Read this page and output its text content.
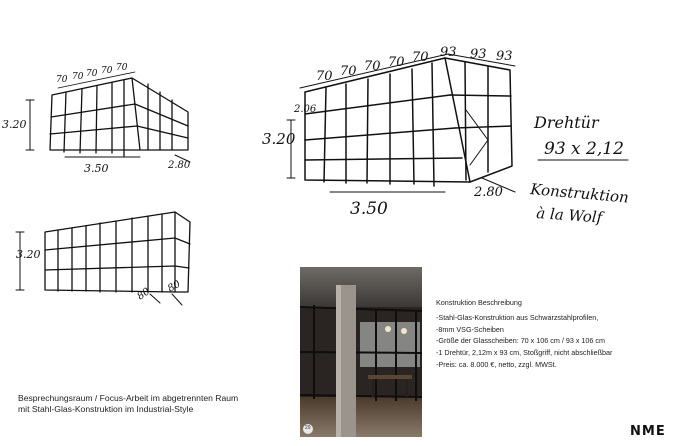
70 70 70 70 70
3.20
3.50	2.80
3.20
80 80
70 70 70 70 70 93 93 93
2.06
3.20
3.50
2.80
Drehtür
93 x 2,12
Konstruktion
à la Wolf
29
Konstruktion Beschreibung
-Stahl-Glas-Konstruktion aus Schwarzstahlprofilen,
-8mm VSG-Scheiben
-Größe der Glasscheiben: 70 x 106 cm / 93 x 106 cm
-1 Drehtür, 2,12m x 93 cm, Stoßgriff, nicht abschließbar
-Preis: ca. 8.000 €, netto, zzgl. MWSt.
Besprechungsraum / Focus-Arbeit im abgetrennten Raum
mit Stahl-Glas-Konstruktion im Industrial-Style
NME
